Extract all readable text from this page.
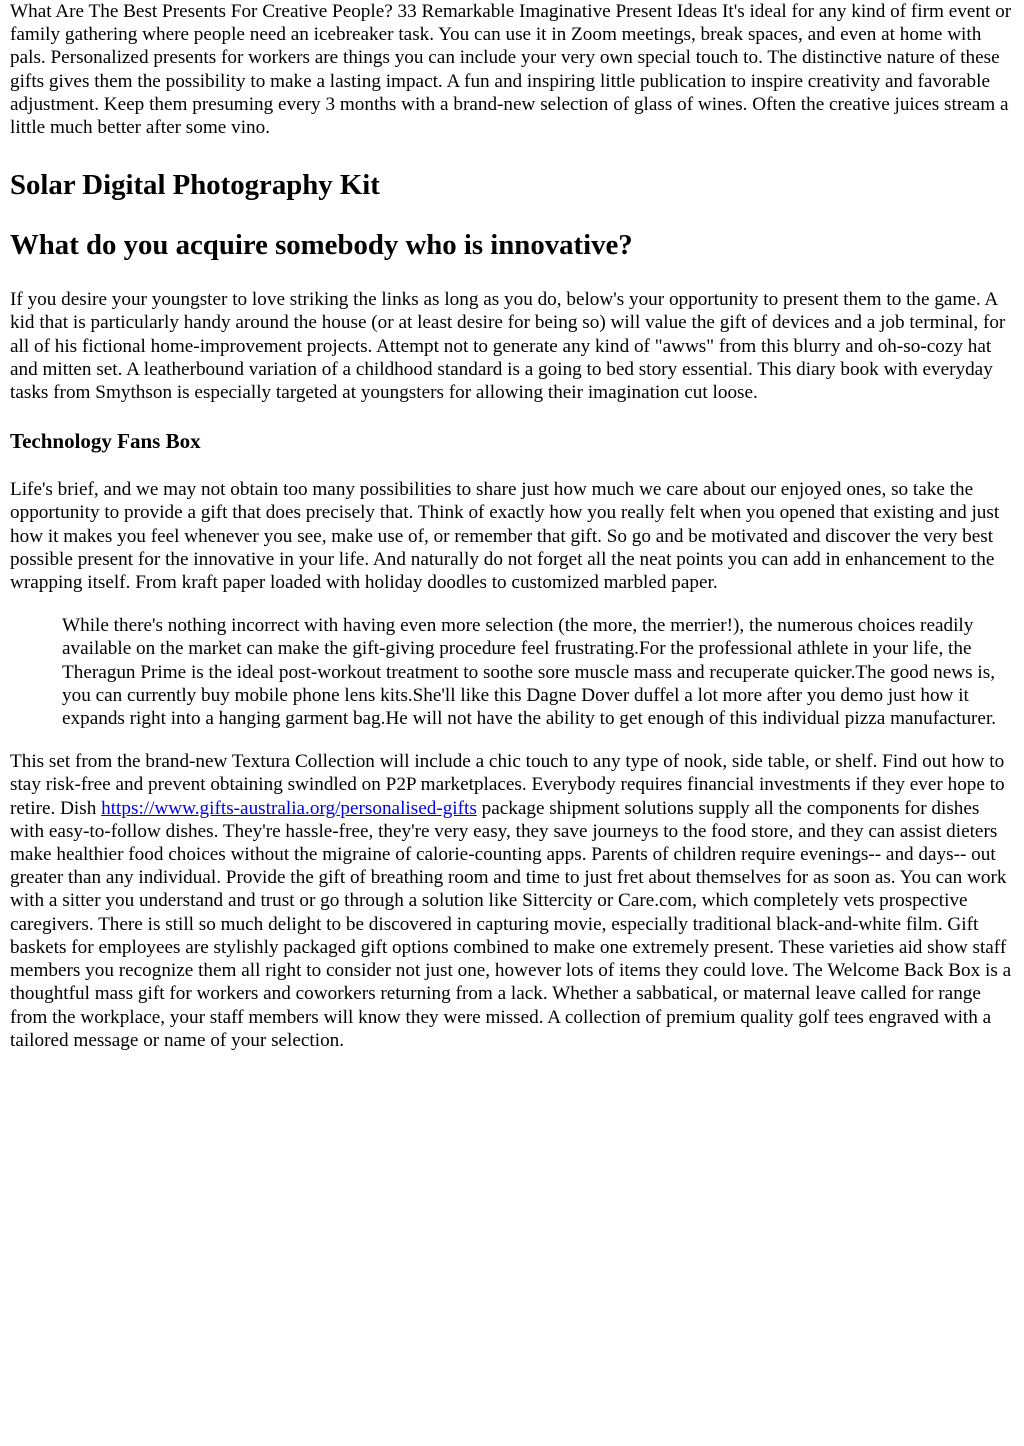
What Are The Best Presents For Creative People? 33 Remarkable Imaginative Present Ideas It's ideal for any kind of firm event or family gathering where people need an icebreaker task. You can use it in Zoom meetings, break spaces, and even at home with pals. Personalized presents for workers are things you can include your very own special touch to. The distinctive nature of these gifts gives them the possibility to make a lasting impact. A fun and inspiring little publication to inspire creativity and favorable adjustment. Keep them presuming every 3 months with a brand-new selection of glass of wines. Often the creative juices stream a little much better after some vino.

Solar Digital Photography Kit
What do you acquire somebody who is innovative?

If you desire your youngster to love striking the links as long as you do, below's your opportunity to present them to the game. A kid that is particularly handy around the house (or at least desire for being so) will value the gift of devices and a job terminal, for all of his fictional home-improvement projects. Attempt not to generate any kind of "awws" from this blurry and oh-so-cozy hat and mitten set. A leatherbound variation of a childhood standard is a going to bed story essential. This diary book with everyday tasks from Smythson is especially targeted at youngsters for allowing their imagination cut loose.

Technology Fans Box

Life's brief, and we may not obtain too many possibilities to share just how much we care about our enjoyed ones, so take the opportunity to provide a gift that does precisely that. Think of exactly how you really felt when you opened that existing and just how it makes you feel whenever you see, make use of, or remember that gift. So go and be motivated and discover the very best possible present for the innovative in your life. And naturally do not forget all the neat points you can add in enhancement to the wrapping itself. From kraft paper loaded with holiday doodles to customized marbled paper.

While there's nothing incorrect with having even more selection (the more, the merrier!), the numerous choices readily available on the market can make the gift-giving procedure feel frustrating.For the professional athlete in your life, the Theragun Prime is the ideal post-workout treatment to soothe sore muscle mass and recuperate quicker.The good news is, you can currently buy mobile phone lens kits.She'll like this Dagne Dover duffel a lot more after you demo just how it expands right into a hanging garment bag.He will not have the ability to get enough of this individual pizza manufacturer.

This set from the brand-new Textura Collection will include a chic touch to any type of nook, side table, or shelf. Find out how to stay risk-free and prevent obtaining swindled on P2P marketplaces. Everybody requires financial investments if they ever hope to retire. Dish https://www.gifts-australia.org/personalised-gifts package shipment solutions supply all the components for dishes with easy-to-follow dishes. They're hassle-free, they're very easy, they save journeys to the food store, and they can assist dieters make healthier food choices without the migraine of calorie-counting apps. Parents of children require evenings-- and days-- out greater than any individual. Provide the gift of breathing room and time to just fret about themselves for as soon as. You can work with a sitter you understand and trust or go through a solution like Sittercity or Care.com, which completely vets prospective caregivers. There is still so much delight to be discovered in capturing movie, especially traditional black-and-white film. Gift baskets for employees are stylishly packaged gift options combined to make one extremely present. These varieties aid show staff members you recognize them all right to consider not just one, however lots of items they could love. The Welcome Back Box is a thoughtful mass gift for workers and coworkers returning from a lack. Whether a sabbatical, or maternal leave called for range from the workplace, your staff members will know they were missed. A collection of premium quality golf tees engraved with a tailored message or name of your selection.
